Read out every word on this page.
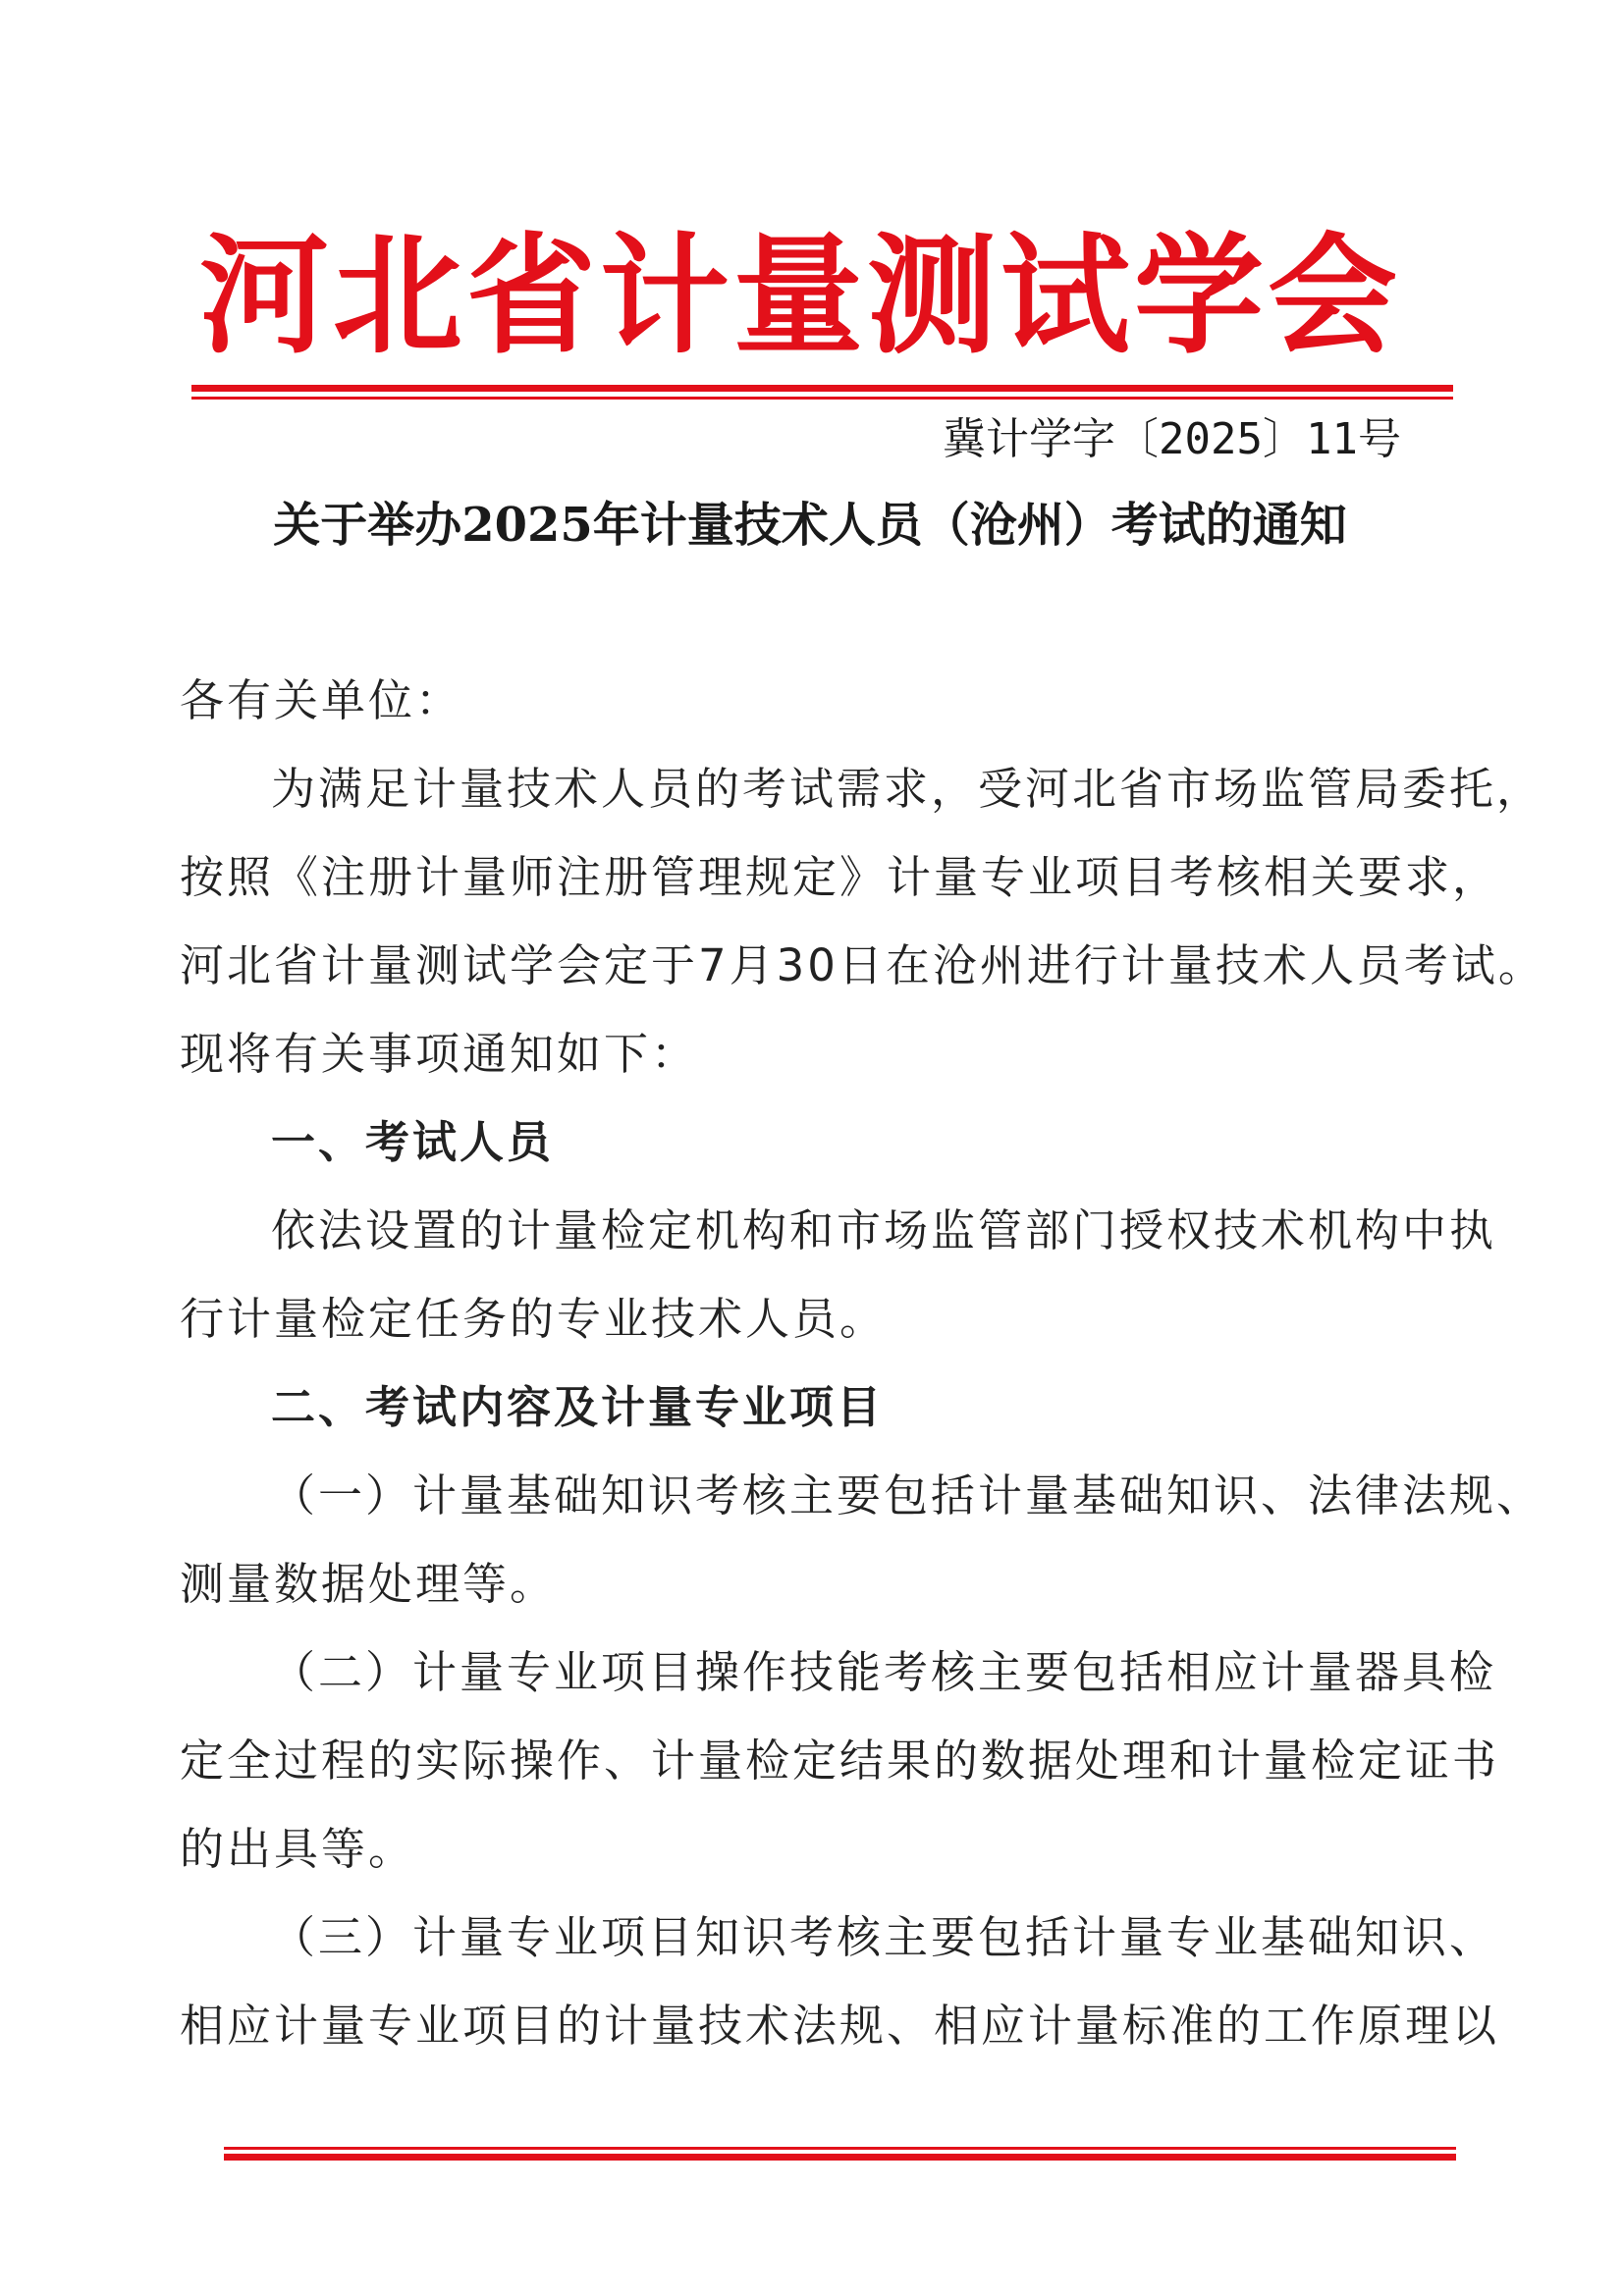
河北省计量测试学会
冀计学字〔2025〕11号
关于举办2025年计量技术人员（沧州）考试的通知
各有关单位：
为满足计量技术人员的考试需求，受河北省市场监管局委托，
按照《注册计量师注册管理规定》计量专业项目考核相关要求，
河北省计量测试学会定于7月30日在沧州进行计量技术人员考试。
现将有关事项通知如下：
一、考试人员
依法设置的计量检定机构和市场监管部门授权技术机构中执
行计量检定任务的专业技术人员。
二、考试内容及计量专业项目
（一）计量基础知识考核主要包括计量基础知识、法律法规、
测量数据处理等。
（二）计量专业项目操作技能考核主要包括相应计量器具检
定全过程的实际操作、计量检定结果的数据处理和计量检定证书
的出具等。
（三）计量专业项目知识考核主要包括计量专业基础知识、
相应计量专业项目的计量技术法规、相应计量标准的工作原理以
